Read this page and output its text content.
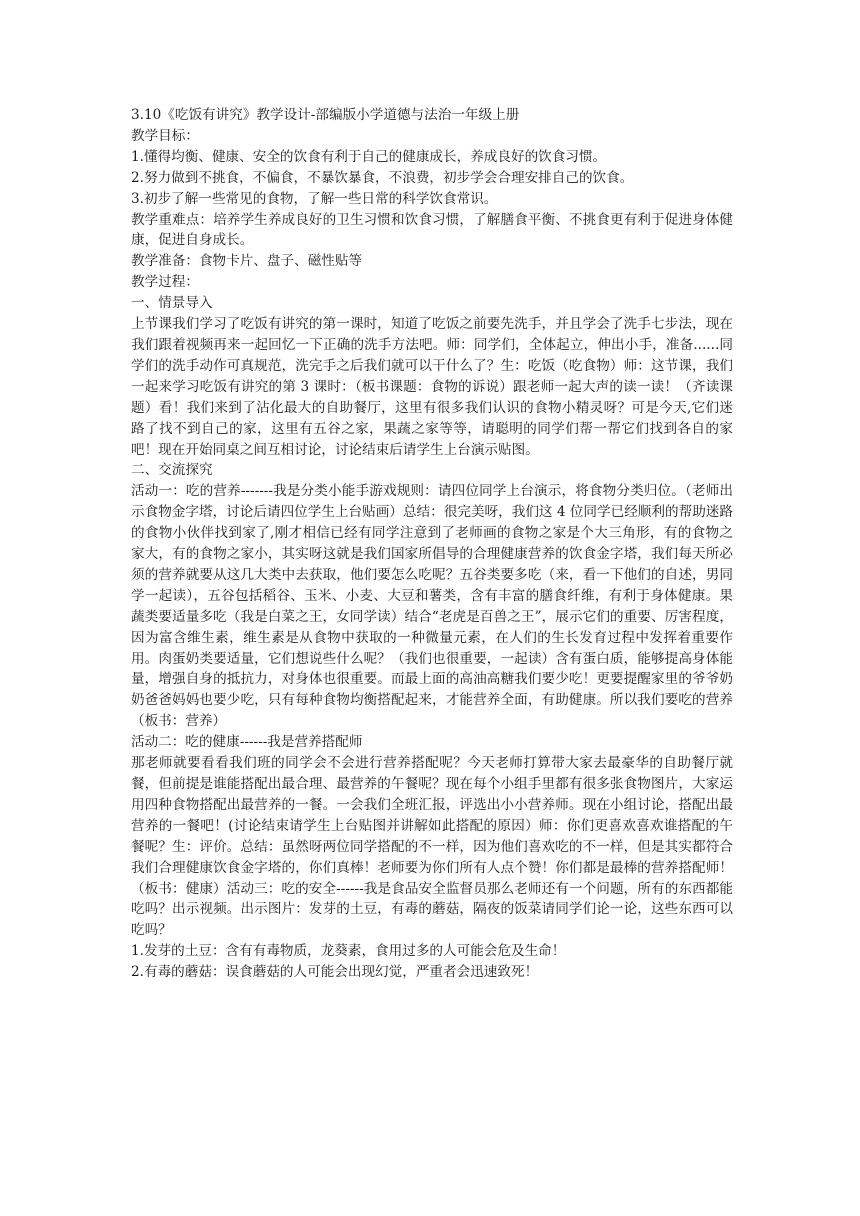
3.10《吃饭有讲究》教学设计-部编版小学道德与法治一年级上册

教学目标：

1.懂得均衡、健康、安全的饮食有利于自己的健康成长，养成良好的饮食习惯。

2.努力做到不挑食，不偏食，不暴饮暴食，不浪费，初步学会合理安排自己的饮食。

3.初步了解一些常见的食物，了解一些日常的科学饮食常识。

教学重难点：培养学生养成良好的卫生习惯和饮食习惯，了解膳食平衡、不挑食更有利于促进身体健康，促进自身成长。

教学准备：食物卡片、盘子、磁性贴等

教学过程：

一、情景导入

上节课我们学习了吃饭有讲究的第一课时，知道了吃饭之前要先洗手，并且学会了洗手七步法，现在我们跟着视频再来一起回忆一下正确的洗手方法吧。师：同学们，全体起立，伸出小手，准备......同学们的洗手动作可真规范，洗完手之后我们就可以干什么了？生：吃饭（吃食物）师：这节课，我们一起来学习吃饭有讲究的第 3 课时：（板书课题：食物的诉说）跟老师一起大声的读一读！（齐读课题）看！我们来到了沾化最大的自助餐厅，这里有很多我们认识的食物小精灵呀？可是今天,它们迷路了找不到自己的家，这里有五谷之家，果蔬之家等等，请聪明的同学们帮一帮它们找到各自的家吧！现在开始同桌之间互相讨论，讨论结束后请学生上台演示贴图。

二、交流探究

活动一：吃的营养-------我是分类小能手游戏规则：请四位同学上台演示，将食物分类归位。（老师出示食物金字塔，讨论后请四位学生上台贴画）总结：很完美呀，我们这 4 位同学已经顺利的帮助迷路的食物小伙伴找到家了,刚才相信已经有同学注意到了老师画的食物之家是个大三角形，有的食物之家大，有的食物之家小，其实呀这就是我们国家所倡导的合理健康营养的饮食金字塔，我们每天所必须的营养就要从这几大类中去获取，他们要怎么吃呢？五谷类要多吃（来，看一下他们的自述，男同学一起读），五谷包括稻谷、玉米、小麦、大豆和薯类，含有丰富的膳食纤维，有利于身体健康。果蔬类要适量多吃（我是白菜之王，女同学读）结合“老虎是百兽之王”，展示它们的重要、厉害程度，因为富含维生素，维生素是从食物中获取的一种微量元素，在人们的生长发育过程中发挥着重要作用。肉蛋奶类要适量，它们想说些什么呢？（我们也很重要，一起读）含有蛋白质，能够提高身体能量，增强自身的抵抗力，对身体也很重要。而最上面的高油高糖我们要少吃！更要提醒家里的爷爷奶奶爸爸妈妈也要少吃，只有每种食物均衡搭配起来，才能营养全面，有助健康。所以我们要吃的营养（板书：营养）

活动二：吃的健康------我是营养搭配师

那老师就要看看我们班的同学会不会进行营养搭配呢？今天老师打算带大家去最豪华的自助餐厅就餐，但前提是谁能搭配出最合理、最营养的午餐呢？现在每个小组手里都有很多张食物图片，大家运用四种食物搭配出最营养的一餐。一会我们全班汇报，评选出小小营养师。现在小组讨论，搭配出最营养的一餐吧！(讨论结束请学生上台贴图并讲解如此搭配的原因）师：你们更喜欢喜欢谁搭配的午餐呢？生：评价。总结：虽然呀两位同学搭配的不一样，因为他们喜欢吃的不一样，但是其实都符合我们合理健康饮食金字塔的，你们真棒！老师要为你们所有人点个赞！你们都是最棒的营养搭配师！（板书：健康）活动三：吃的安全------我是食品安全监督员那么老师还有一个问题，所有的东西都能吃吗？出示视频。出示图片：发芽的土豆，有毒的蘑菇，隔夜的饭菜请同学们论一论，这些东西可以吃吗？

1.发芽的土豆：含有有毒物质，龙葵素，食用过多的人可能会危及生命！

2.有毒的蘑菇：误食蘑菇的人可能会出现幻觉，严重者会迅速致死！
